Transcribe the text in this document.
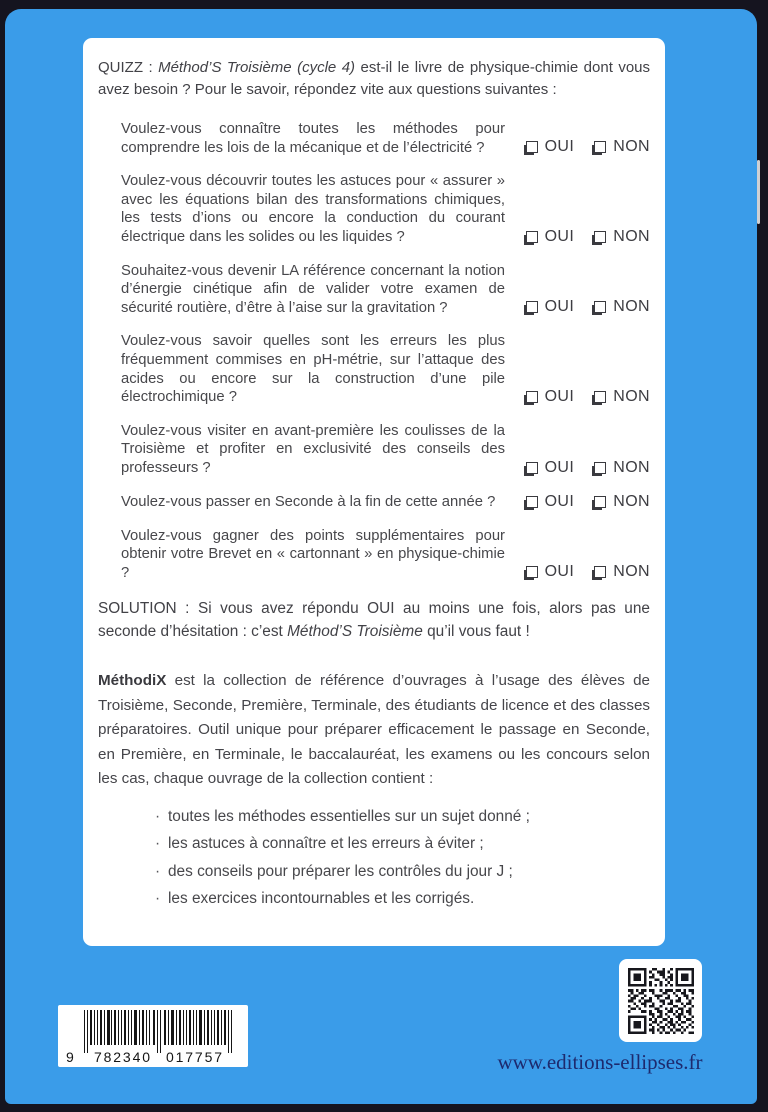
QUIZZ : Méthod’S Troisième (cycle 4) est-il le livre de physique-chimie dont vous avez besoin ? Pour le savoir, répondez vite aux questions suivantes :

Voulez-vous connaître toutes les méthodes pour comprendre les lois de la mécanique et de l’électricité ?	OUI NON

Voulez-vous découvrir toutes les astuces pour « assurer » avec les équations bilan des transformations chimiques, les tests d’ions ou encore la conduction du courant électrique dans les solides ou les liquides ?	OUI NON

Souhaitez-vous devenir LA référence concernant la notion d’énergie cinétique afin de valider votre examen de sécurité routière, d’être à l’aise sur la gravitation ?	OUI NON

Voulez-vous savoir quelles sont les erreurs les plus fréquemment commises en pH-métrie, sur l’attaque des acides ou encore sur la construction d’une pile électrochimique ?	OUI NON

Voulez-vous visiter en avant-première les coulisses de la Troisième et profiter en exclusivité des conseils des professeurs ?	OUI NON

Voulez-vous passer en Seconde à la fin de cette année ?	OUI NON

Voulez-vous gagner des points supplémentaires pour obtenir votre Brevet en « cartonnant » en physique-chimie ?	OUI NON

SOLUTION : Si vous avez répondu OUI au moins une fois, alors pas une seconde d’hésitation : c’est Méthod’S Troisième qu’il vous faut !

MéthodiX est la collection de référence d’ouvrages à l’usage des élèves de Troisième, Seconde, Première, Terminale, des étudiants de licence et des classes préparatoires. Outil unique pour préparer efficacement le passage en Seconde, en Première, en Terminale, le baccalauréat, les examens ou les concours selon les cas, chaque ouvrage de la collection contient :

· toutes les méthodes essentielles sur un sujet donné ;
· les astuces à connaître et les erreurs à éviter ;
· des conseils pour préparer les contrôles du jour J ;
· les exercices incontournables et les corrigés.
9 782340 017757	www.editions-ellipses.fr
